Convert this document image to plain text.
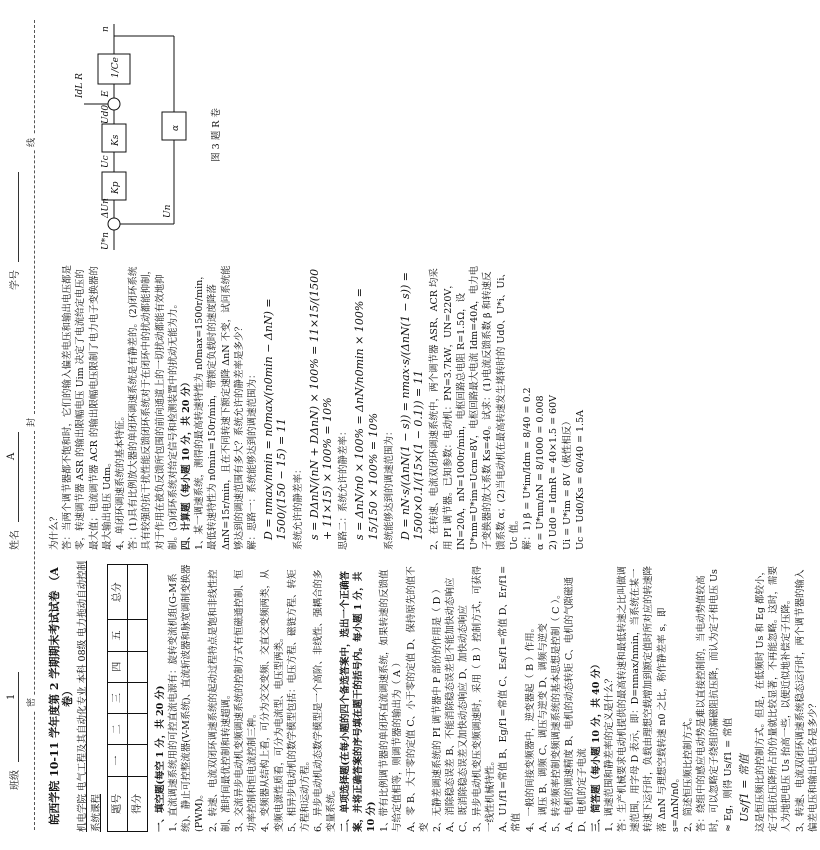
班级
1
姓名
A
学号
密
封
线
皖西学院 10-11 学年度第 2 学期期末考试试卷 （A 卷） 机电学院 电气工程及其自动化专业 本科 08级 电力拖动自动控制系统课程 题号	一	二	三	四	五	总分
得分						一、填空题(每空 1 分，共 20 分) 1、直流调速系统用的可控直流电源有：旋转变流机组(G-M系统)、静止可控整流器(V-M系统)、直流斩波器和脉宽调制变换器(PWM)。 2、转速、电流双闭环调速系统的起动过程特点是饱和非线性控制、准时间最优控制和转速超调。 3、交流异步电动机变频调速系统的控制方式有恒磁通控制、恒功率控制和恒电流控制三种。 4、变频器从结构上看，可分为交交变频、交直交变频两类，从变频电源性质看，可分为电流型、电压型两类。 5、相异步电动机的数学模型包括：电压方程、磁链方程、转矩方程和运动方程。 6、异步电动机动态数学模型是一个高阶、非线性、强耦合的多变量系统。 二、单项选择题(在每小题的四个备选答案中，选出一个正确答案，并将正确答案的序号填在题干的括号内。每小题 1 分，共 10 分) 1、带有比例调节器的单闭环直流调速系统，如果转速的反馈值与给定值相等，则调节器的输出为（ A ） A、零 B、大于零的定值 C、小于零的定值 D、保持原先的值不变 2、无静差调速系统的 PI 调节器中 P 部份的作用是（ D ） A、消除稳态误差 B、不能消除稳态误差也不能加快动态响应 C、既消除稳态误差又加快动态响应 D、加快动态响应 3、异步电动机变压变频调速时，采用（ B ）控制方式，可获得一线性机械特性。 A、U1/f1=常值 B、Eg/f1=常值 C、Es/f1=常值 D、Er/f1=常值 4、一般的间接变频器中，逆变器起（ B ）作用。 A、调压 B、调频 C、调压与逆变 D、调频与逆变 5、转差频率控制变频调速系统的基本思想是控制（ C ）。 A、电机的调速精度 B、电机的动态转矩 C、电机的气隙磁通 D、电机的定子电流 三、简答题（每小题 10 分，共 40 分） 1、调速范围和静差率的定义是什么？ 答：生产机械要求电动机提供的最高转速和最低转速之比叫做调速范围，用字母 D 表示，即：D=nmax/nmin，当系统在某一转速下运行时，负载由理想空载增加到额定值时所对应的转速降落 ΔnN 与理想空载转速 n0 之比，称作静差率 s，即 s=ΔnN/n0。 2、简述恒压频比控制方式。 答：绕组中的感应电动势是难以直接控制的，当电动势值较高时，可以忽略定子绕组的漏磁阻抗压降，而认为定子相电压 Us ≈ Eg，则得 Us/f1 = 常值 Us/f1 = 常值 这是恒压频比的控制方式。但是，在低频时 Us 和 Eg 都较小，定子阻抗压降所占的份量就比较显著，不再能忽略。这时，需要人为地把电压 Us 抬高一些，以便近似地补偿定子压降。 3、转速、电流双闭环调速系统稳态运行时，两个调节器的输入偏差电压和输出电压各是多少？
为什么？ 答：当两个调节器都不饱和时，它们的输入偏差电压和输出电压都是零，转速调节器 ASR 的输出限幅电压 Uim 决定了电流给定电压的最大值；电流调节器 ACR 的输出限幅电压限制了电力电子变换器的最大输出电压 Udm。 4、单闭环调速系统的基本特征。 答：(1)具有比例放大器的单闭环调速系统是有静差的。(2)闭环系统具有较强的抗干扰性能反馈闭环系统对于在闭环中的扰动都能抑制，对于作用在被负反馈所包围的前向通道上的一切扰动都能有效地抑制。(3)闭环系统对给定信号和检测装置中的扰动无能为力。 四、计算题（每小题 10 分，共 20 分） 1、某一调速系统，测得的最高转速特性为 n0max=1500r/min，最低转速特性为 n0min=150r/min，带额定负载时的速度降落 ΔnN=15r/min，且在不同转速下额定速降 ΔnN 不变，试问系统能够达到的调速范围有多大？系统允许的静差率是多少？ 解：思路一：系统能够达到的调速范围为： D = nmax/nmin = n0max/(n0min − ΔnN) = 1500/(150 − 15) = 11 系统允许的静差率： s = DΔnN/(nN + DΔnN) × 100% = 11×15/(1500 + 11×15) × 100% = 10% 思路二：系统允许的静差率： s = ΔnN/n0 × 100% = ΔnN/n0min × 100% = 15/150 × 100% = 10% 系统能够达到的调速范围为： D = nN·s/(ΔnN(1 − s)) = nmax·s/(ΔnN(1 − s)) = 1500×0.1/(15×(1 − 0.1)) = 11 2、在转速、电流双闭环调速系统中，两个调节器 ASR、ACR 均采用 PI 调节器。已知参数：电动机：PN=3.7kW，UN=220V，IN=20A，nN=1000r/min，电枢回路总电阻 R=1.5Ω，设 U*nm=U*im=Ucm=8V，电枢回路最大电流 Idm=40A，电力电子变换器的放大系数 Ks=40。试求：(1)电流反馈系数 β 和转速反馈系数 α；(2)当电动机在最高转速发生堵转时的 Ud0、U*i、Ui、Uc 值。 解：1) β = U*im/Idm = 8/40 = 0.2 α = U*nm/nN = 8/1000 = 0.008 2) Ud0 = IdmR = 40×1.5 = 60V Ui = U*im = 8V（极性相反） Uc = Ud0/Ks = 60/40 = 1.5A
U*n
ΔUn
Kp
Uc
Ks
Ud0
IdL R E
1/Ce
n
Un
α	图 3 题 R 卷
